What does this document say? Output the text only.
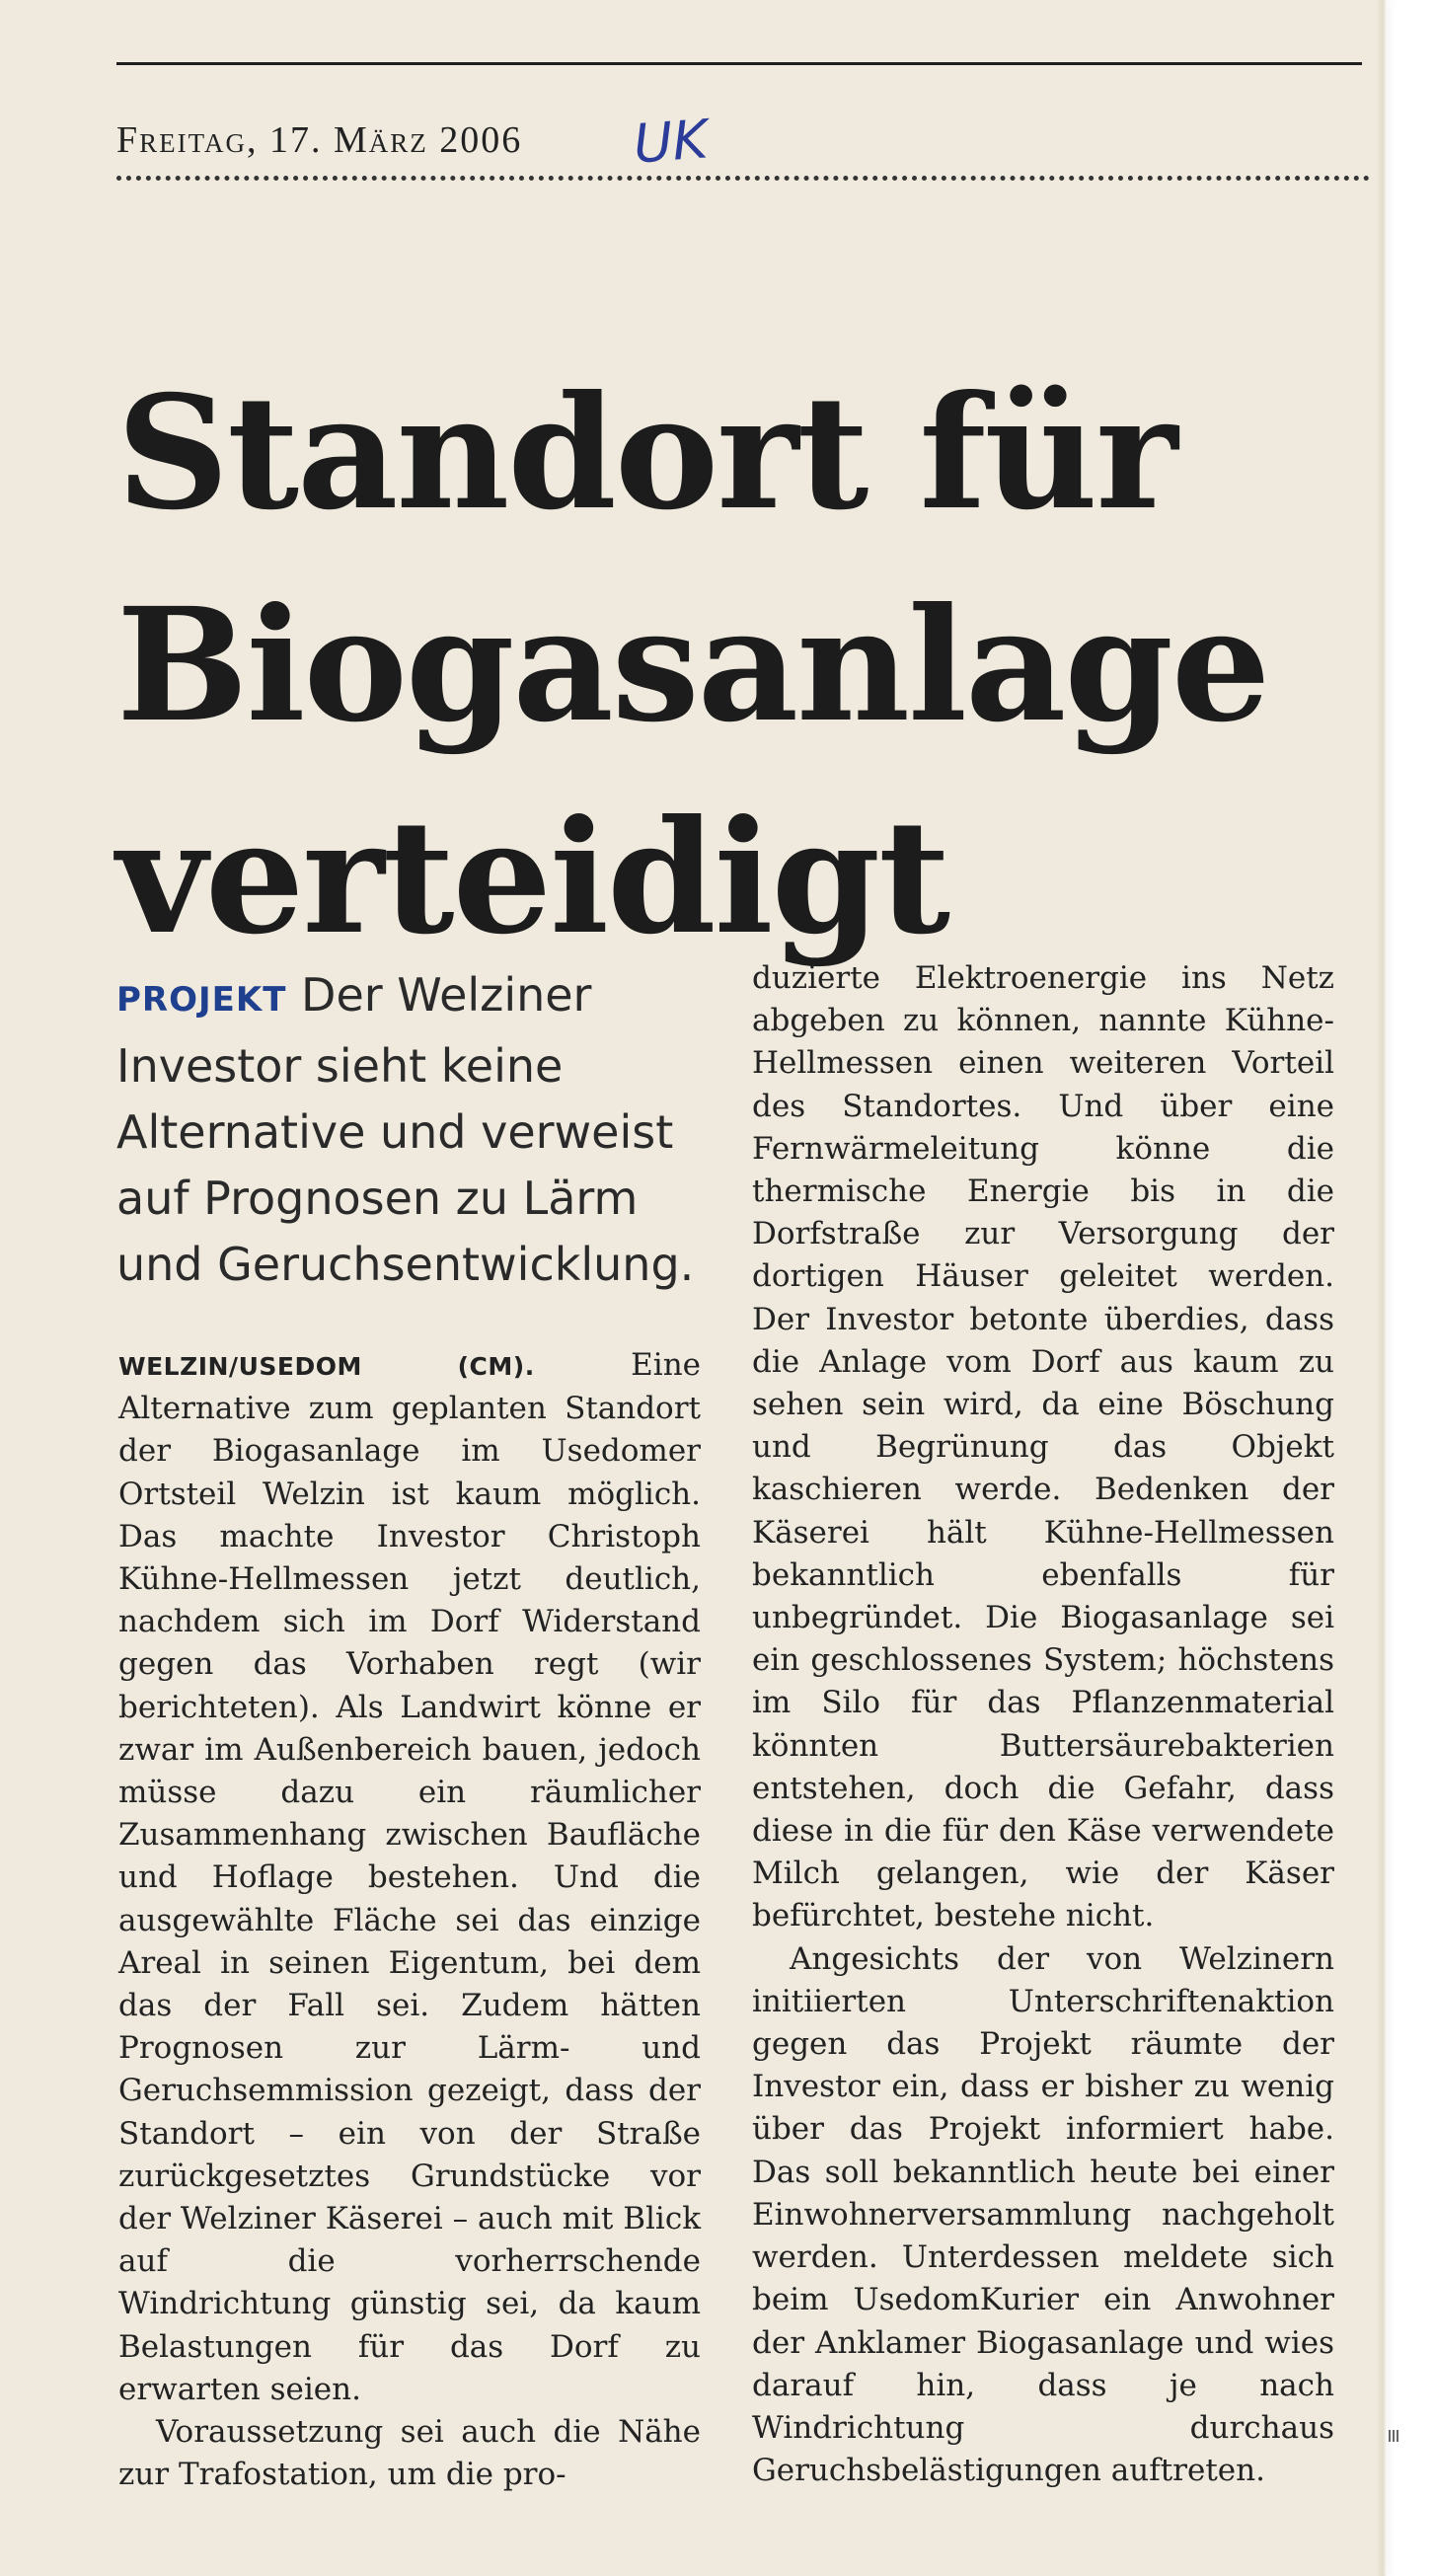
Freitag, 17. März 2006 UK
Standort für
Biogasanlage
verteidigt
PROJEKT Der Welziner Investor sieht keine Alternative und verweist auf Prognosen zu Lärm und Geruchsentwicklung.

WELZIN/USEDOM (CM).	Eine Alternative zum geplanten Standort der Biogasanlage im Usedomer Ortsteil Welzin ist kaum möglich. Das machte Investor Christoph Kühne-Hellmessen jetzt deutlich, nachdem sich im Dorf Widerstand gegen das Vorhaben regt (wir berichteten). Als Landwirt könne er zwar im Außenbereich bauen, jedoch müsse dazu ein räumlicher Zusammenhang zwischen Baufläche und Hoflage bestehen. Und die ausgewählte Fläche sei das einzige Areal in seinen Eigentum, bei dem das der Fall sei. Zudem hätten Prognosen zur Lärm- und Geruchsemmission gezeigt, dass der Standort – ein von der Straße zurückgesetztes Grundstücke vor der Welziner Käserei – auch mit Blick auf die vorherrschende Windrichtung günstig sei, da kaum Belastungen für das Dorf zu erwarten seien.

Voraussetzung sei auch die Nähe zur Trafostation, um die pro-

duzierte Elektroenergie ins Netz abgeben zu können, nannte Kühne-Hellmessen einen weiteren Vorteil des Standortes. Und über eine Fernwärmeleitung könne die thermische Energie bis in die Dorfstraße zur Versorgung der dortigen Häuser geleitet werden. Der Investor betonte überdies, dass die Anlage vom Dorf aus kaum zu sehen sein wird, da eine Böschung und Begrünung das Objekt kaschieren werde. Bedenken der Käserei hält Kühne-Hellmessen bekanntlich ebenfalls für unbegründet. Die Biogasanlage sei ein geschlossenes System; höchstens im Silo für das Pflanzenmaterial könnten Buttersäurebakterien entstehen, doch die Gefahr, dass diese in die für den Käse verwendete Milch gelangen, wie der Käser befürchtet, bestehe nicht.

Angesichts der von Welzinern initiierten Unterschriftenaktion gegen das Projekt räumte der Investor ein, dass er bisher zu wenig über das Projekt informiert habe. Das soll bekanntlich heute bei einer Einwohnerversammlung nachgeholt werden. Unterdessen meldete sich beim UsedomKurier ein Anwohner der Anklamer Biogasanlage und wies darauf hin, dass je nach Windrichtung durchaus Geruchsbelästigungen auftreten.
